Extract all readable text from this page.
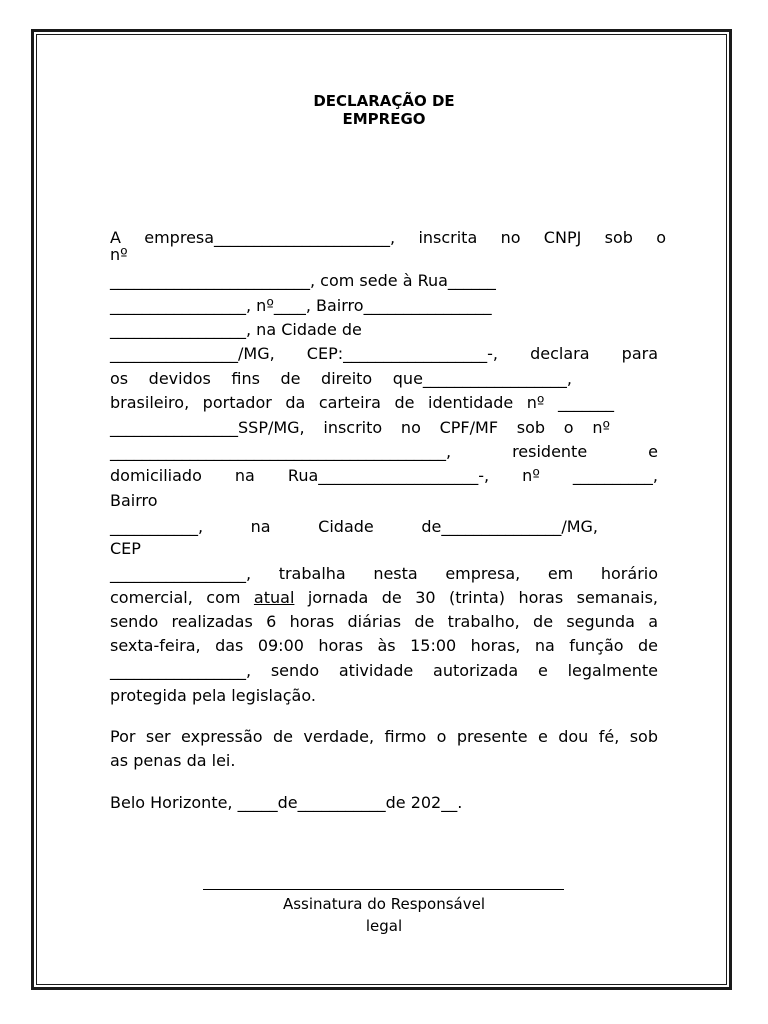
DECLARAÇÃO DE
EMPREGO
A empresa______________________, inscrita no CNPJ sob o
nº
_________________________, com sede à Rua______
_________________, nº____, Bairro________________
_________________, na Cidade de
________________/MG, CEP:__________________-, declara para
os devidos fins de direito que__________________,
brasileiro, portador da carteira de identidade nº _______
________________SSP/MG, inscrito no CPF/MF sob o nº
__________________________________________, residente e
domiciliado na Rua____________________-, nº __________,
Bairro
___________, na Cidade de_______________/MG,
CEP
_________________, trabalha nesta empresa, em horário
comercial, com atual jornada de 30 (trinta) horas semanais,
sendo realizadas 6 horas diárias de trabalho, de segunda a
sexta-feira, das 09:00 horas às 15:00 horas, na função de
_________________, sendo atividade autorizada e legalmente
protegida pela legislação.
Por ser expressão de verdade, firmo o presente e dou fé, sob
as penas da lei.
Belo Horizonte, _____de___________de 202__.
Assinatura do Responsável
legal
